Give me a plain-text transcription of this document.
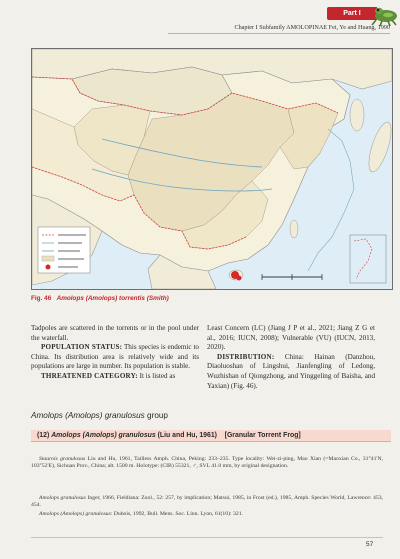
Part I
Chapter I Subfamily AMOLOPINAE Fei, Ye and Huang, 1990
Fig. 46 Amolops (Amolops) torrentis (Smith)

Tadpoles are scattered in the torrents or in the pool under the waterfall.

POPULATION STATUS: This species is endemic to China. Its distribution area is relatively wide and its populations are large in number. Its population is stable.

THREATENED CATEGORY: It is listed as

Least Concern (LC) (Jiang J P et al., 2021; Jiang Z G et al., 2016; IUCN, 2008); Vulnerable (VU) (IUCN, 2013, 2020).

DISTRIBUTION: China: Hainan (Danzhou, Diaoluoshan of Lingshui, Jianfengling of Ledong, Wuzhishan of Qiongzhong, and Yinggeling of Baisha, and Yaxian) (Fig. 46).

Amolops (Amolops) granulosus group
(12) Amolops (Amolops) granulosus (Liu and Hu, 1961) [Granular Torrent Frog]

Staurois granulosus Liu and Hu, 1961, Tailless Amph. China, Peking: 233–235. Type locality: Wei-zi-ping, Mao Xian (=Maoxian Co., 31°41'N, 103°52'E), Sichuan Prov., China; alt. 1500 m. Holotype: (CIB) 55321, ♂, SVL 41.0 mm, by original designation.

Amolops granulosus Inger, 1966, Fieldiana: Zool., 52: 257, by implication; Matsui, 1985, in Frost (ed.), 1985, Amph. Species World, Lawrence: 453, 454.

Amolops (Amolops) granulosus: Dubois, 1992, Bull. Mens. Soc. Linn. Lyon, 61(10): 321.

57
